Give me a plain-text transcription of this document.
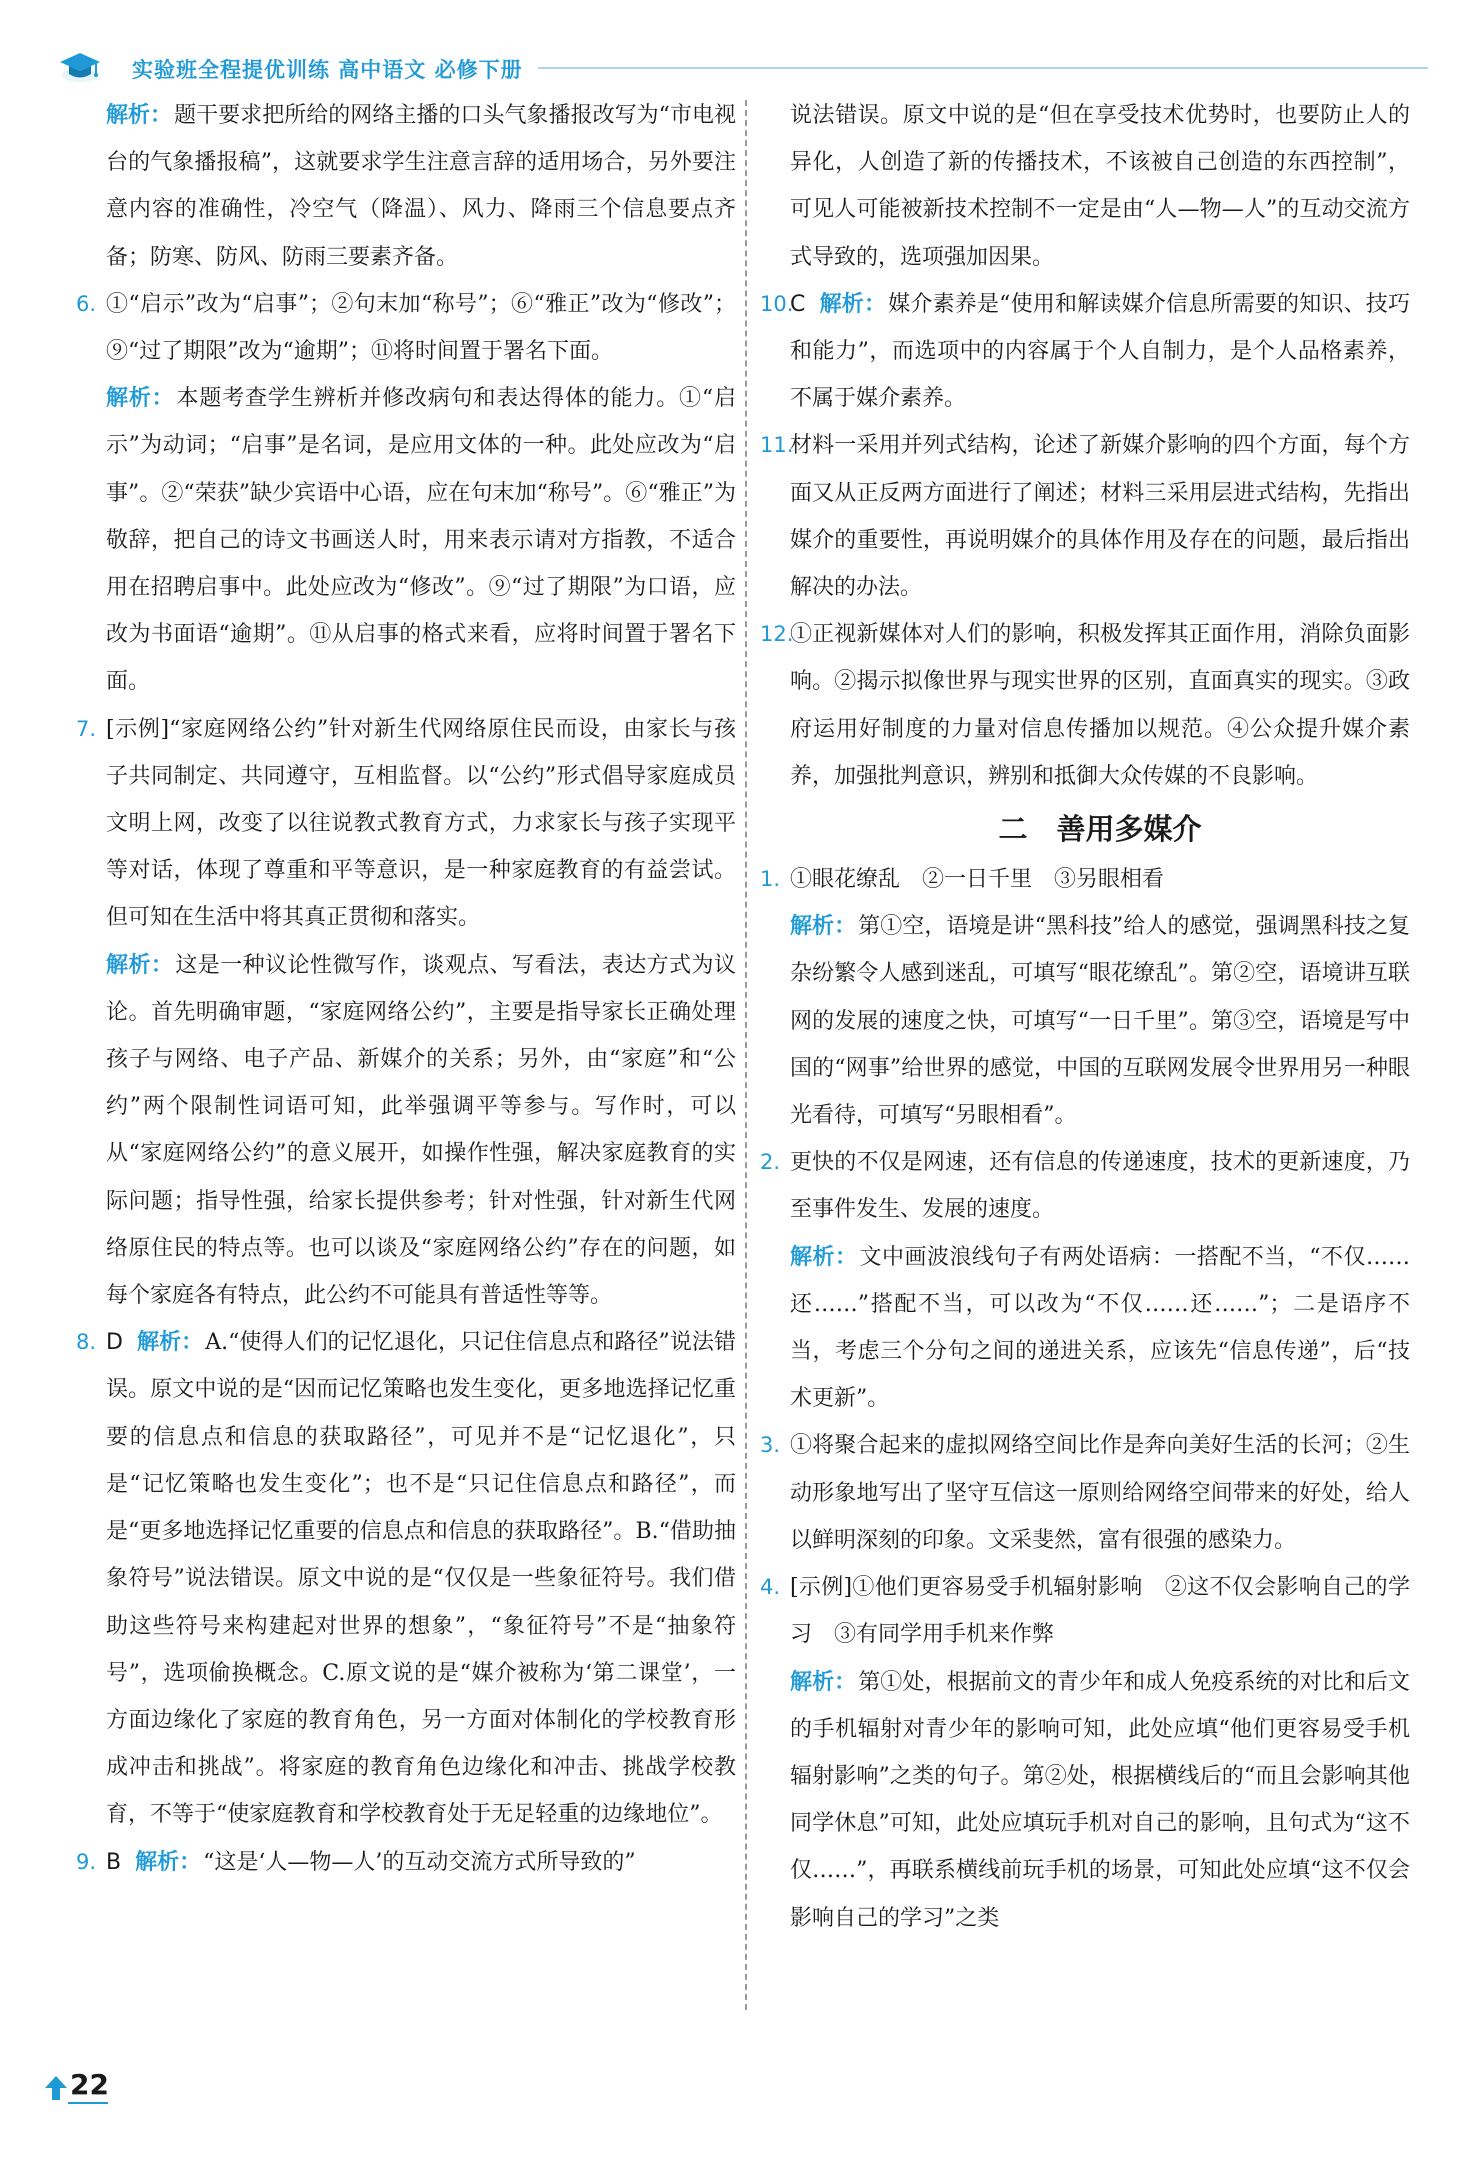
实验班全程提优训练 高中语文 必修下册
解析：题干要求把所给的网络主播的口头气象播报改写为“市电视台的气象播报稿”，这就要求学生注意言辞的适用场合，另外要注意内容的准确性，冷空气（降温）、风力、降雨三个信息要点齐备；防寒、防风、防雨三要素齐备。
6. ①“启示”改为“启事”；②句末加“称号”；⑥“雅正”改为“修改”；⑨“过了期限”改为“逾期”；⑪将时间置于署名下面。
解析：本题考查学生辨析并修改病句和表达得体的能力。①“启示”为动词；“启事”是名词，是应用文体的一种。此处应改为“启事”。②“荣获”缺少宾语中心语，应在句末加“称号”。⑥“雅正”为敬辞，把自己的诗文书画送人时，用来表示请对方指教，不适合用在招聘启事中。此处应改为“修改”。⑨“过了期限”为口语，应改为书面语“逾期”。⑪从启事的格式来看，应将时间置于署名下面。
7. [示例]“家庭网络公约”针对新生代网络原住民而设，由家长与孩子共同制定、共同遵守，互相监督。以“公约”形式倡导家庭成员文明上网，改变了以往说教式教育方式，力求家长与孩子实现平等对话，体现了尊重和平等意识，是一种家庭教育的有益尝试。但可知在生活中将其真正贯彻和落实。
解析：这是一种议论性微写作，谈观点、写看法，表达方式为议论。首先明确审题，“家庭网络公约”，主要是指导家长正确处理孩子与网络、电子产品、新媒介的关系；另外，由“家庭”和“公约”两个限制性词语可知，此举强调平等参与。写作时，可以从“家庭网络公约”的意义展开，如操作性强，解决家庭教育的实际问题；指导性强，给家长提供参考；针对性强，针对新生代网络原住民的特点等。也可以谈及“家庭网络公约”存在的问题，如每个家庭各有特点，此公约不可能具有普适性等等。
8. D 解析：A.“使得人们的记忆退化，只记住信息点和路径”说法错误。原文中说的是“因而记忆策略也发生变化，更多地选择记忆重要的信息点和信息的获取路径”，可见并不是“记忆退化”，只是“记忆策略也发生变化”；也不是“只记住信息点和路径”，而是“更多地选择记忆重要的信息点和信息的获取路径”。B.“借助抽象符号”说法错误。原文中说的是“仅仅是一些象征符号。我们借助这些符号来构建起对世界的想象”，“象征符号”不是“抽象符号”，选项偷换概念。C.原文说的是“媒介被称为‘第二课堂’，一方面边缘化了家庭的教育角色，另一方面对体制化的学校教育形成冲击和挑战”。将家庭的教育角色边缘化和冲击、挑战学校教育，不等于“使家庭教育和学校教育处于无足轻重的边缘地位”。
9. B 解析：“这是‘人—物—人’的互动交流方式所导致的”
说法错误。原文中说的是“但在享受技术优势时，也要防止人的异化，人创造了新的传播技术，不该被自己创造的东西控制”，可见人可能被新技术控制不一定是由“人—物—人”的互动交流方式导致的，选项强加因果。
10.
C 解析：媒介素养是“使用和解读媒介信息所需要的知识、技巧和能力”，而选项中的内容属于个人自制力，是个人品格素养，不属于媒介素养。
11.
材料一采用并列式结构，论述了新媒介影响的四个方面，每个方面又从正反两方面进行了阐述；材料三采用层进式结构，先指出媒介的重要性，再说明媒介的具体作用及存在的问题，最后指出解决的办法。
12.
①正视新媒体对人们的影响，积极发挥其正面作用，消除负面影响。②揭示拟像世界与现实世界的区别，直面真实的现实。③政府运用好制度的力量对信息传播加以规范。④公众提升媒介素养，加强批判意识，辨别和抵御大众传媒的不良影响。
二　善用多媒介
1. ①眼花缭乱　②一日千里　③另眼相看
解析：第①空，语境是讲“黑科技”给人的感觉，强调黑科技之复杂纷繁令人感到迷乱，可填写“眼花缭乱”。第②空，语境讲互联网的发展的速度之快，可填写“一日千里”。第③空，语境是写中国的“网事”给世界的感觉，中国的互联网发展令世界用另一种眼光看待，可填写“另眼相看”。
2. 更快的不仅是网速，还有信息的传递速度，技术的更新速度，乃至事件发生、发展的速度。
解析：文中画波浪线句子有两处语病：一搭配不当，“不仅……还……”搭配不当，可以改为“不仅……还……”；二是语序不当，考虑三个分句之间的递进关系，应该先“信息传递”，后“技术更新”。
3. ①将聚合起来的虚拟网络空间比作是奔向美好生活的长河；②生动形象地写出了坚守互信这一原则给网络空间带来的好处，给人以鲜明深刻的印象。文采斐然，富有很强的感染力。
4. [示例]①他们更容易受手机辐射影响　②这不仅会影响自己的学习　③有同学用手机来作弊
解析：第①处，根据前文的青少年和成人免疫系统的对比和后文的手机辐射对青少年的影响可知，此处应填“他们更容易受手机辐射影响”之类的句子。第②处，根据横线后的“而且会影响其他同学休息”可知，此处应填玩手机对自己的影响，且句式为“这不仅……”，再联系横线前玩手机的场景，可知此处应填“这不仅会影响自己的学习”之类
22
